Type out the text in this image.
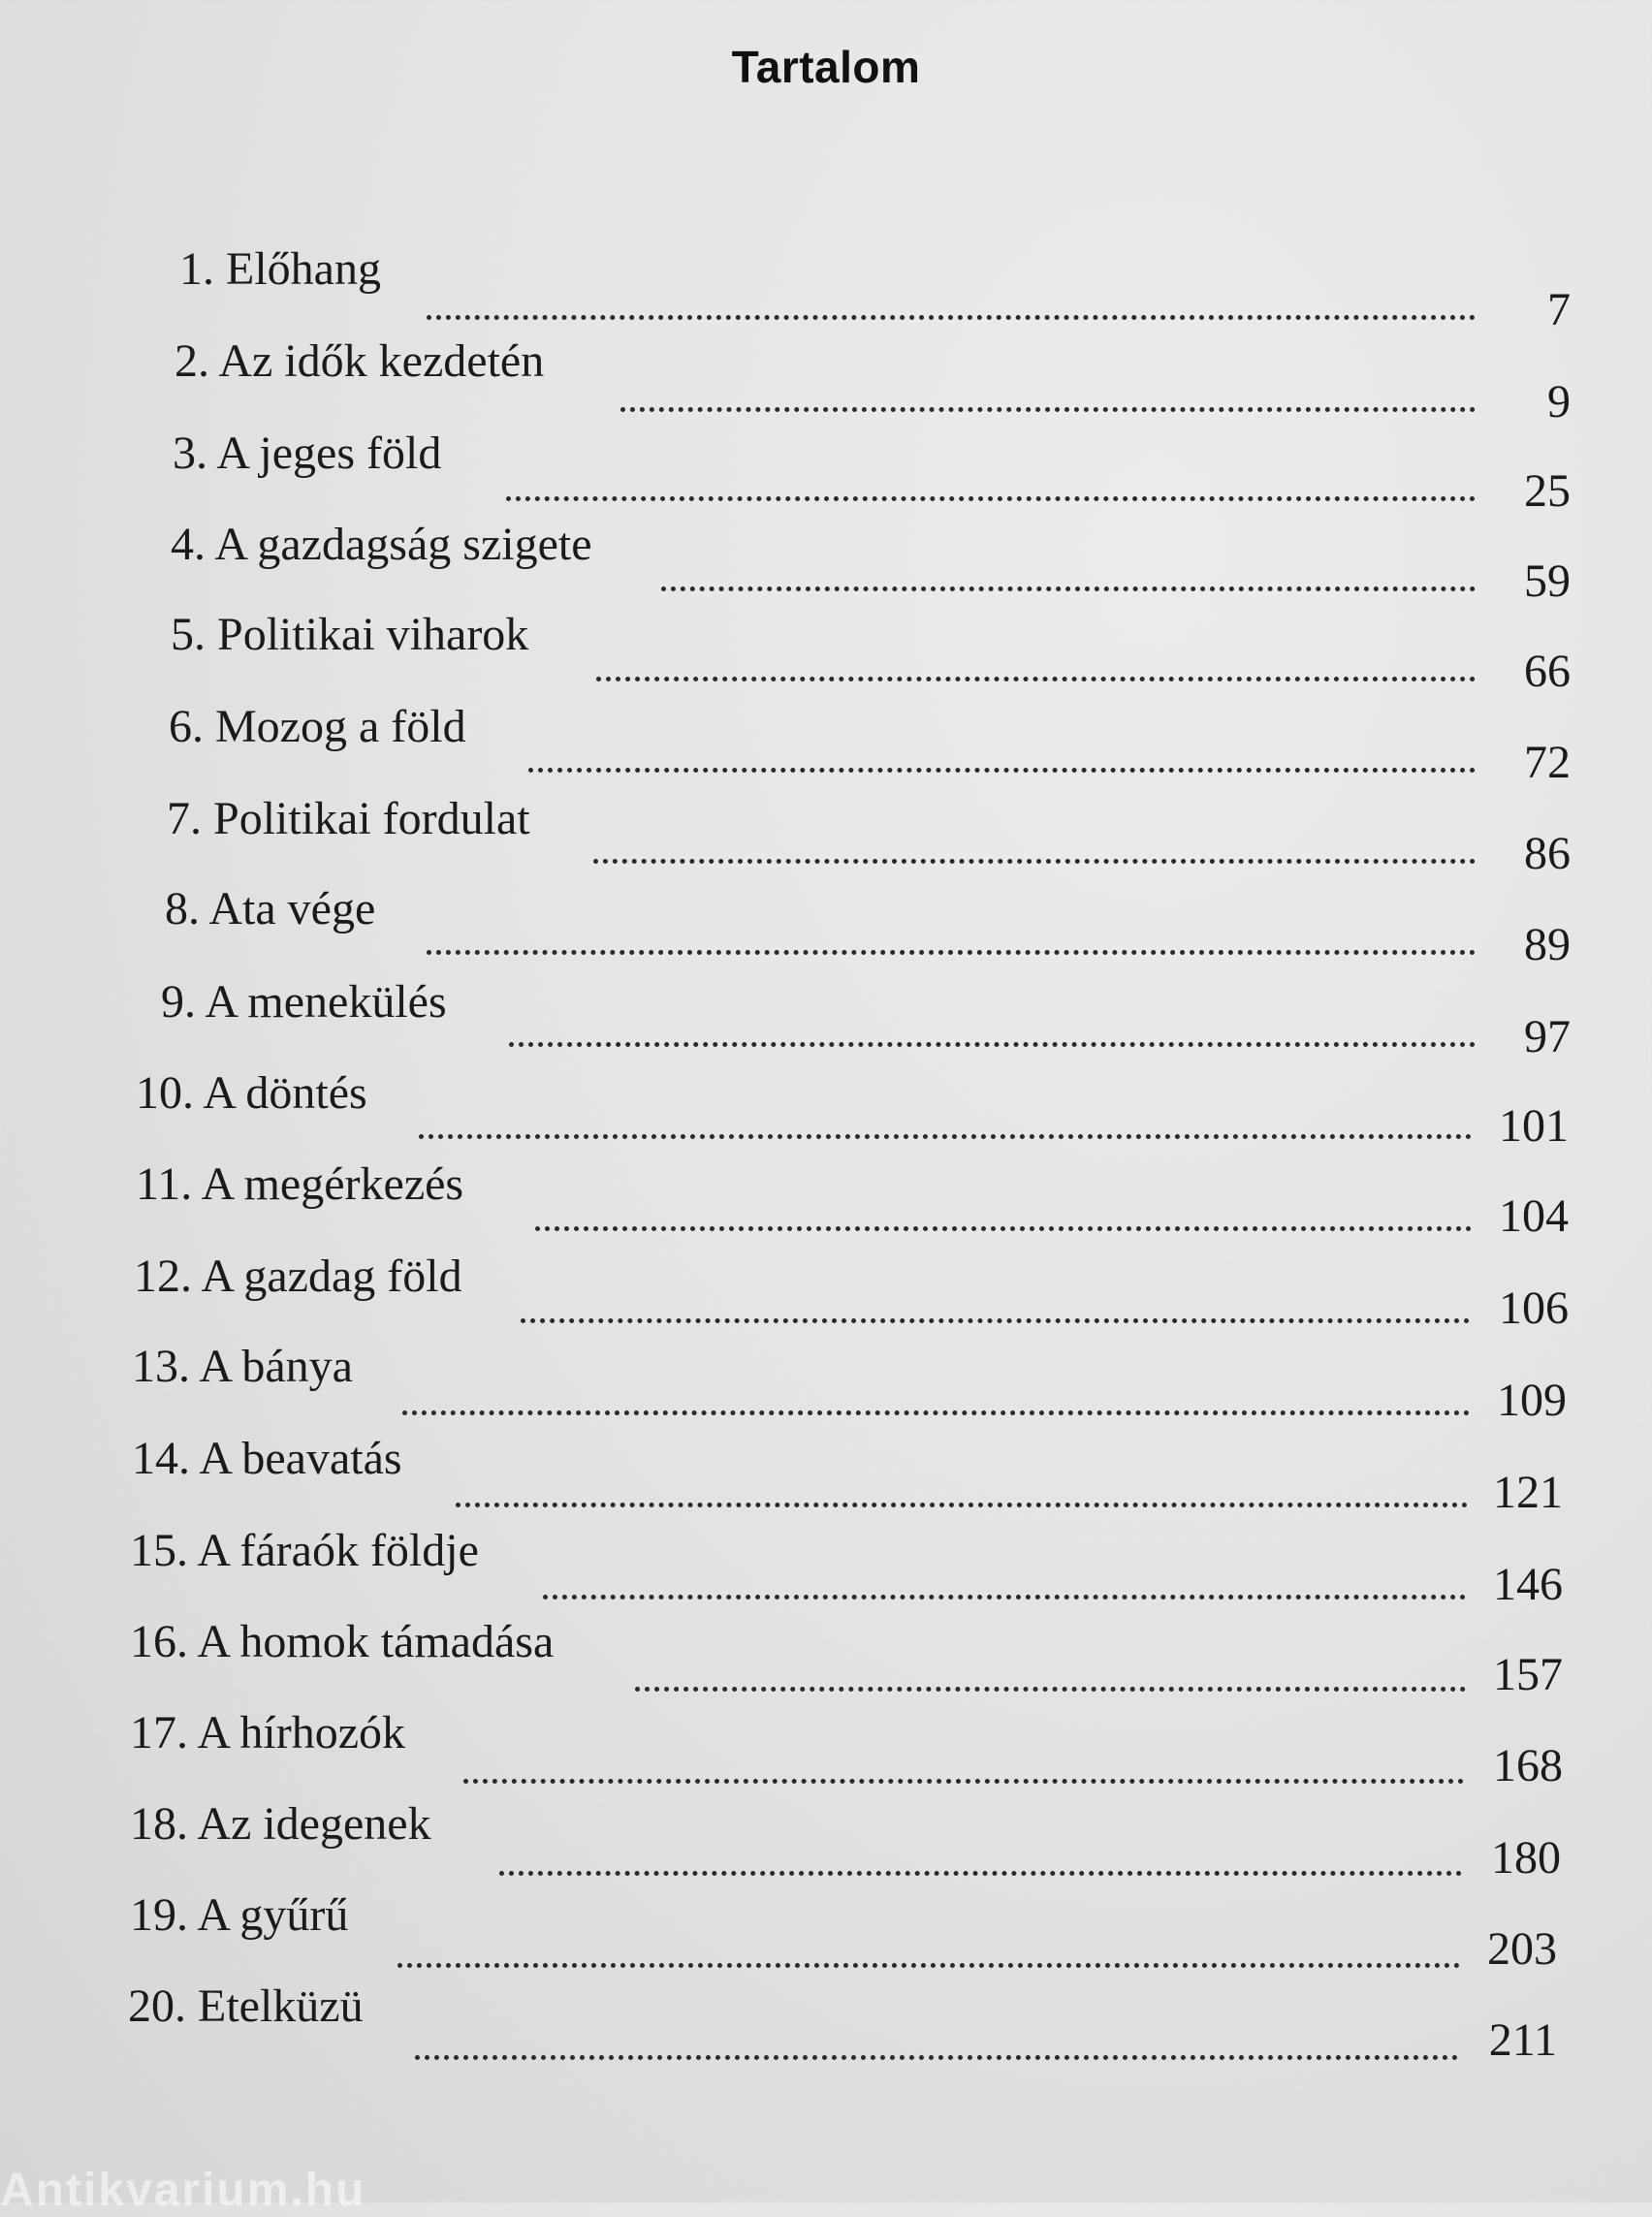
Tartalom
1. Előhang
7
2. Az idők kezdetén
9
3. A jeges föld
25
4. A gazdagság szigete
59
5. Politikai viharok
66
6. Mozog a föld
72
7. Politikai fordulat
86
8. Ata vége
89
9. A menekülés
97
10. A döntés
101
11. A megérkezés
104
12. A gazdag föld
106
13. A bánya
109
14. A beavatás
121
15. A fáraók földje
146
16. A homok támadása
157
17. A hírhozók
168
18. Az idegenek
180
19. A gyűrű
203
20. Etelküzü
211
Antikvarium.hu
